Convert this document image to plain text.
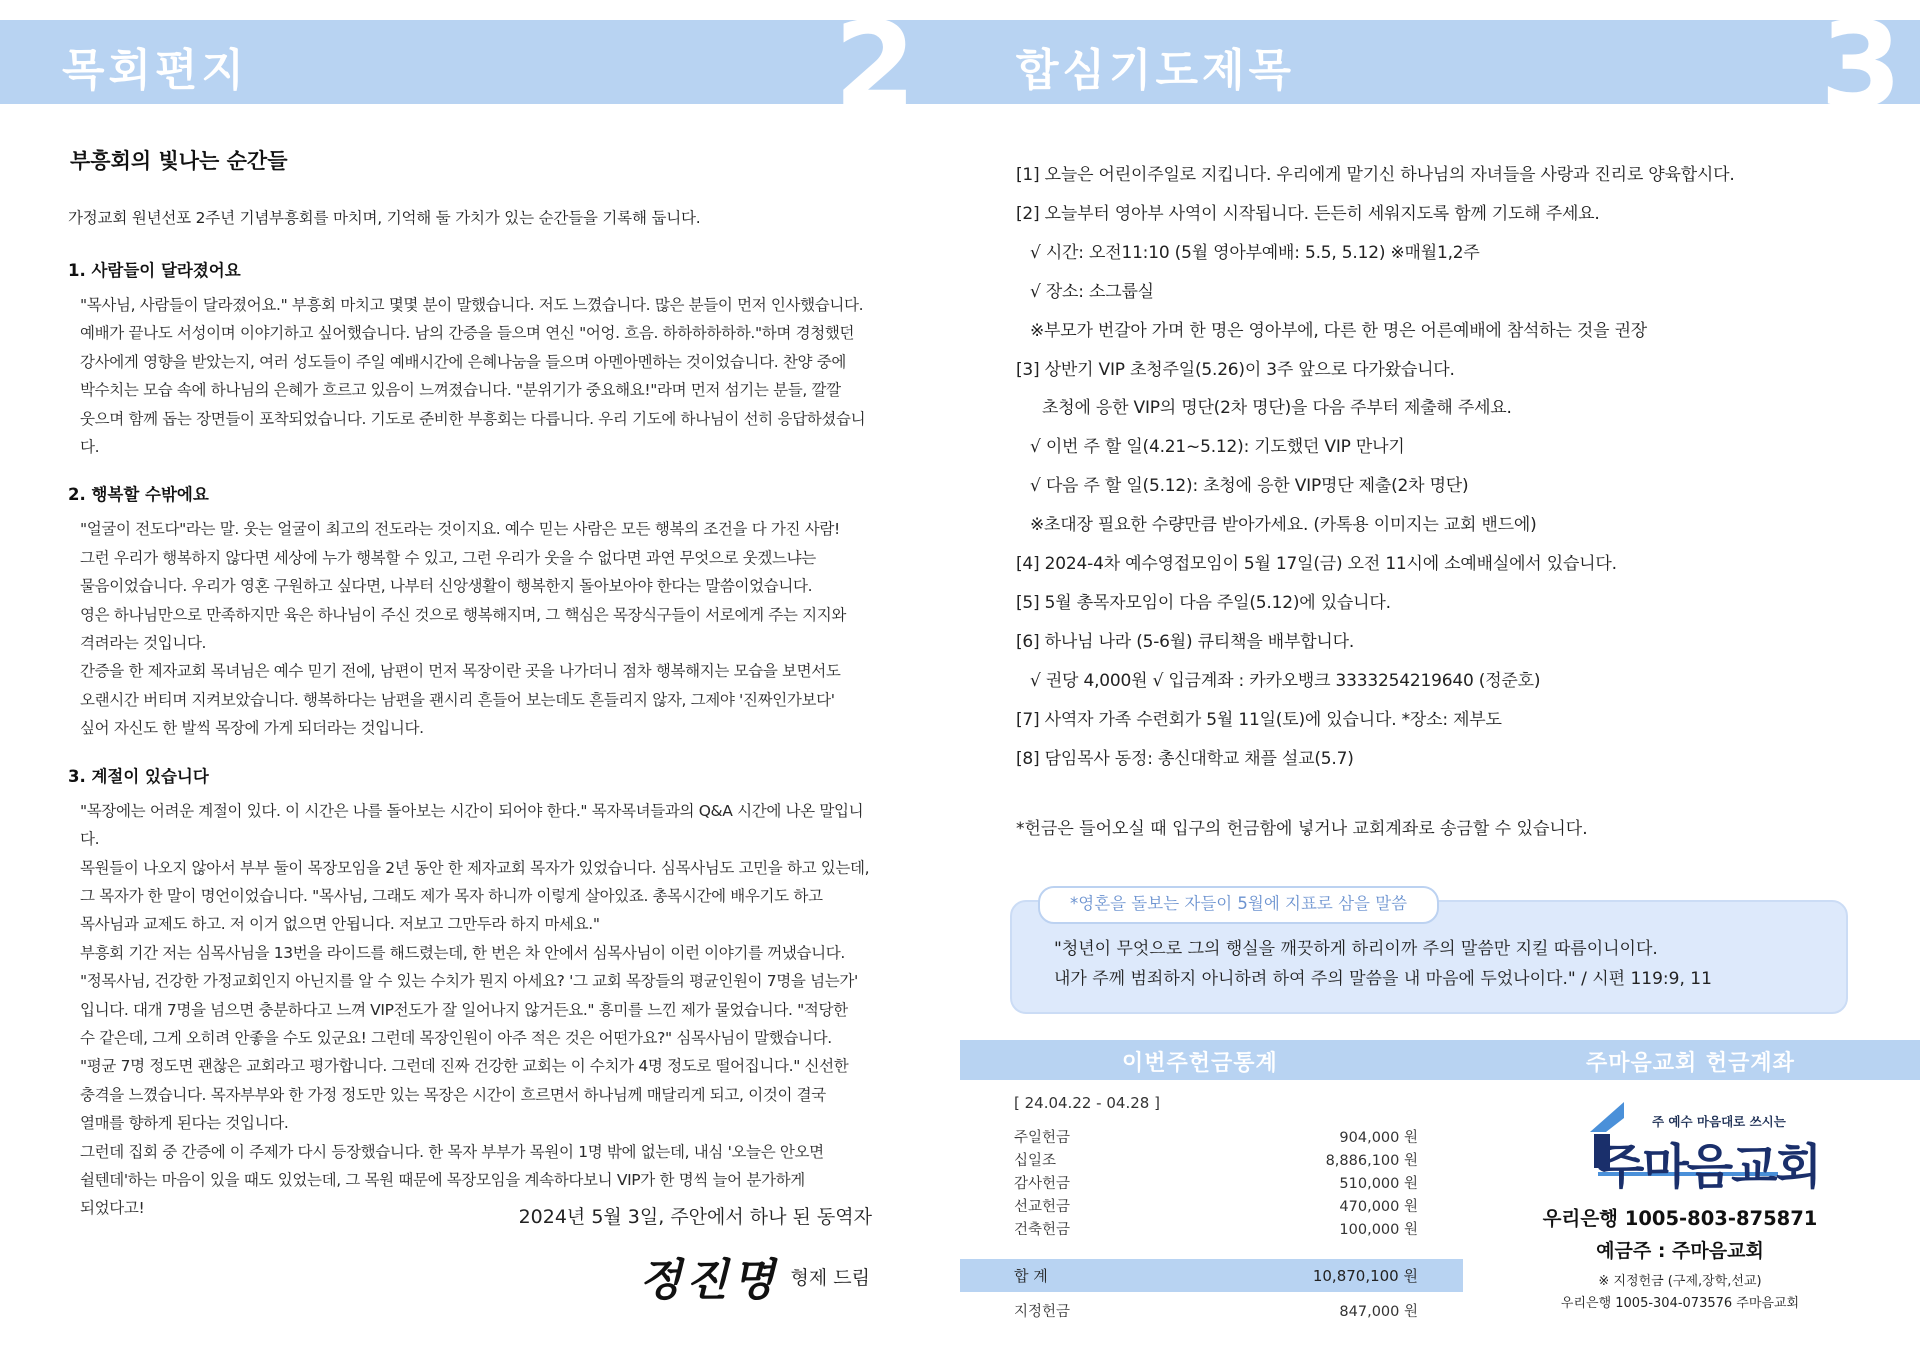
목회편지	2 합심기도제목	3
부흥회의 빛나는 순간들
가정교회 원년선포 2주년 기념부흥회를 마치며, 기억해 둘 가치가 있는 순간들을 기록해 둡니다.
1. 사람들이 달라졌어요
"목사님, 사람들이 달라졌어요." 부흥회 마치고 몇몇 분이 말했습니다. 저도 느꼈습니다. 많은 분들이 먼저 인사했습니다.
예배가 끝나도 서성이며 이야기하고 싶어했습니다. 남의 간증을 들으며 연신 "어엉. 흐음. 하하하하하하."하며 경청했던
강사에게 영향을 받았는지, 여러 성도들이 주일 예배시간에 은혜나눔을 들으며 아멘아멘하는 것이었습니다. 찬양 중에
박수치는 모습 속에 하나님의 은혜가 흐르고 있음이 느껴졌습니다. "분위기가 중요해요!"라며 먼저 섬기는 분들, 깔깔
웃으며 함께 돕는 장면들이 포착되었습니다. 기도로 준비한 부흥회는 다릅니다. 우리 기도에 하나님이 선히 응답하셨습니다.
2. 행복할 수밖에요
"얼굴이 전도다"라는 말. 웃는 얼굴이 최고의 전도라는 것이지요. 예수 믿는 사람은 모든 행복의 조건을 다 가진 사람!
그런 우리가 행복하지 않다면 세상에 누가 행복할 수 있고, 그런 우리가 웃을 수 없다면 과연 무엇으로 웃겠느냐는
물음이었습니다. 우리가 영혼 구원하고 싶다면, 나부터 신앙생활이 행복한지 돌아보아야 한다는 말씀이었습니다.
영은 하나님만으로 만족하지만 육은 하나님이 주신 것으로 행복해지며, 그 핵심은 목장식구들이 서로에게 주는 지지와
격려라는 것입니다.
간증을 한 제자교회 목녀님은 예수 믿기 전에, 남편이 먼저 목장이란 곳을 나가더니 점차 행복해지는 모습을 보면서도
오랜시간 버티며 지켜보았습니다. 행복하다는 남편을 괜시리 흔들어 보는데도 흔들리지 않자, 그제야 '진짜인가보다'
싶어 자신도 한 발씩 목장에 가게 되더라는 것입니다.
3. 계절이 있습니다
"목장에는 어려운 계절이 있다. 이 시간은 나를 돌아보는 시간이 되어야 한다." 목자목녀들과의 Q&A 시간에 나온 말입니다.
목원들이 나오지 않아서 부부 둘이 목장모임을 2년 동안 한 제자교회 목자가 있었습니다. 심목사님도 고민을 하고 있는데,
그 목자가 한 말이 명언이었습니다. "목사님, 그래도 제가 목자 하니까 이렇게 살아있죠. 총목시간에 배우기도 하고
목사님과 교제도 하고. 저 이거 없으면 안됩니다. 저보고 그만두라 하지 마세요."
부흥회 기간 저는 심목사님을 13번을 라이드를 해드렸는데, 한 번은 차 안에서 심목사님이 이런 이야기를 꺼냈습니다.
"정목사님, 건강한 가정교회인지 아닌지를 알 수 있는 수치가 뭔지 아세요? '그 교회 목장들의 평균인원이 7명을 넘는가'
입니다. 대개 7명을 넘으면 충분하다고 느껴 VIP전도가 잘 일어나지 않거든요." 흥미를 느낀 제가 물었습니다. "적당한
수 같은데, 그게 오히려 안좋을 수도 있군요! 그런데 목장인원이 아주 적은 것은 어떤가요?" 심목사님이 말했습니다.
"평균 7명 정도면 괜찮은 교회라고 평가합니다. 그런데 진짜 건강한 교회는 이 수치가 4명 정도로 떨어집니다." 신선한
충격을 느꼈습니다. 목자부부와 한 가정 정도만 있는 목장은 시간이 흐르면서 하나님께 매달리게 되고, 이것이 결국
열매를 향하게 된다는 것입니다.
그런데 집회 중 간증에 이 주제가 다시 등장했습니다. 한 목자 부부가 목원이 1명 밖에 없는데, 내심 '오늘은 안오면
쉴텐데'하는 마음이 있을 때도 있었는데, 그 목원 때문에 목장모임을 계속하다보니 VIP가 한 명씩 늘어 분가하게
되었다고!	2024년 5월 3일, 주안에서 하나 된 동역자
정진명 형제 드림
[1] 오늘은 어린이주일로 지킵니다. 우리에게 맡기신 하나님의 자녀들을 사랑과 진리로 양육합시다.
[2] 오늘부터 영아부 사역이 시작됩니다. 든든히 세워지도록 함께 기도해 주세요.
√ 시간: 오전11:10 (5월 영아부예배: 5.5, 5.12) ※매월1,2주
√ 장소: 소그룹실
※부모가 번갈아 가며 한 명은 영아부에, 다른 한 명은 어른예배에 참석하는 것을 권장
[3] 상반기 VIP 초청주일(5.26)이 3주 앞으로 다가왔습니다.
초청에 응한 VIP의 명단(2차 명단)을 다음 주부터 제출해 주세요.
√ 이번 주 할 일(4.21~5.12): 기도했던 VIP 만나기
√ 다음 주 할 일(5.12): 초청에 응한 VIP명단 제출(2차 명단)
※초대장 필요한 수량만큼 받아가세요. (카톡용 이미지는 교회 밴드에)
[4] 2024-4차 예수영접모임이 5월 17일(금) 오전 11시에 소예배실에서 있습니다.
[5] 5월 총목자모임이 다음 주일(5.12)에 있습니다.
[6] 하나님 나라 (5-6월) 큐티책을 배부합니다.
√ 권당 4,000원 √ 입금계좌 : 카카오뱅크 3333254219640 (정준호)
[7] 사역자 가족 수련회가 5월 11일(토)에 있습니다. *장소: 제부도
[8] 담임목사 동정: 총신대학교 채플 설교(5.7)
*헌금은 들어오실 때 입구의 헌금함에 넣거나 교회계좌로 송금할 수 있습니다.
*영혼을 돌보는 자들이 5월에 지표로 삼을 말씀
"청년이 무엇으로 그의 행실을 깨끗하게 하리이까 주의 말씀만 지킬 따름이니이다.
내가 주께 범죄하지 아니하려 하여 주의 말씀을 내 마음에 두었나이다." / 시편 119:9, 11
이번주헌금통계	주마음교회 헌금계좌
[ 24.04.22 - 04.28 ]
주일헌금	904,000 원
십일조	8,886,100 원
감사헌금	510,000 원
선교헌금	470,000 원
건축헌금	100,000 원
합 계	10,870,100 원
지정헌금	847,000 원
주 예수 마음대로 쓰시는
주마음교회
우리은행 1005-803-875871
예금주 : 주마음교회
※ 지정헌금 (구제,장학,선교)
우리은행 1005-304-073576 주마음교회
